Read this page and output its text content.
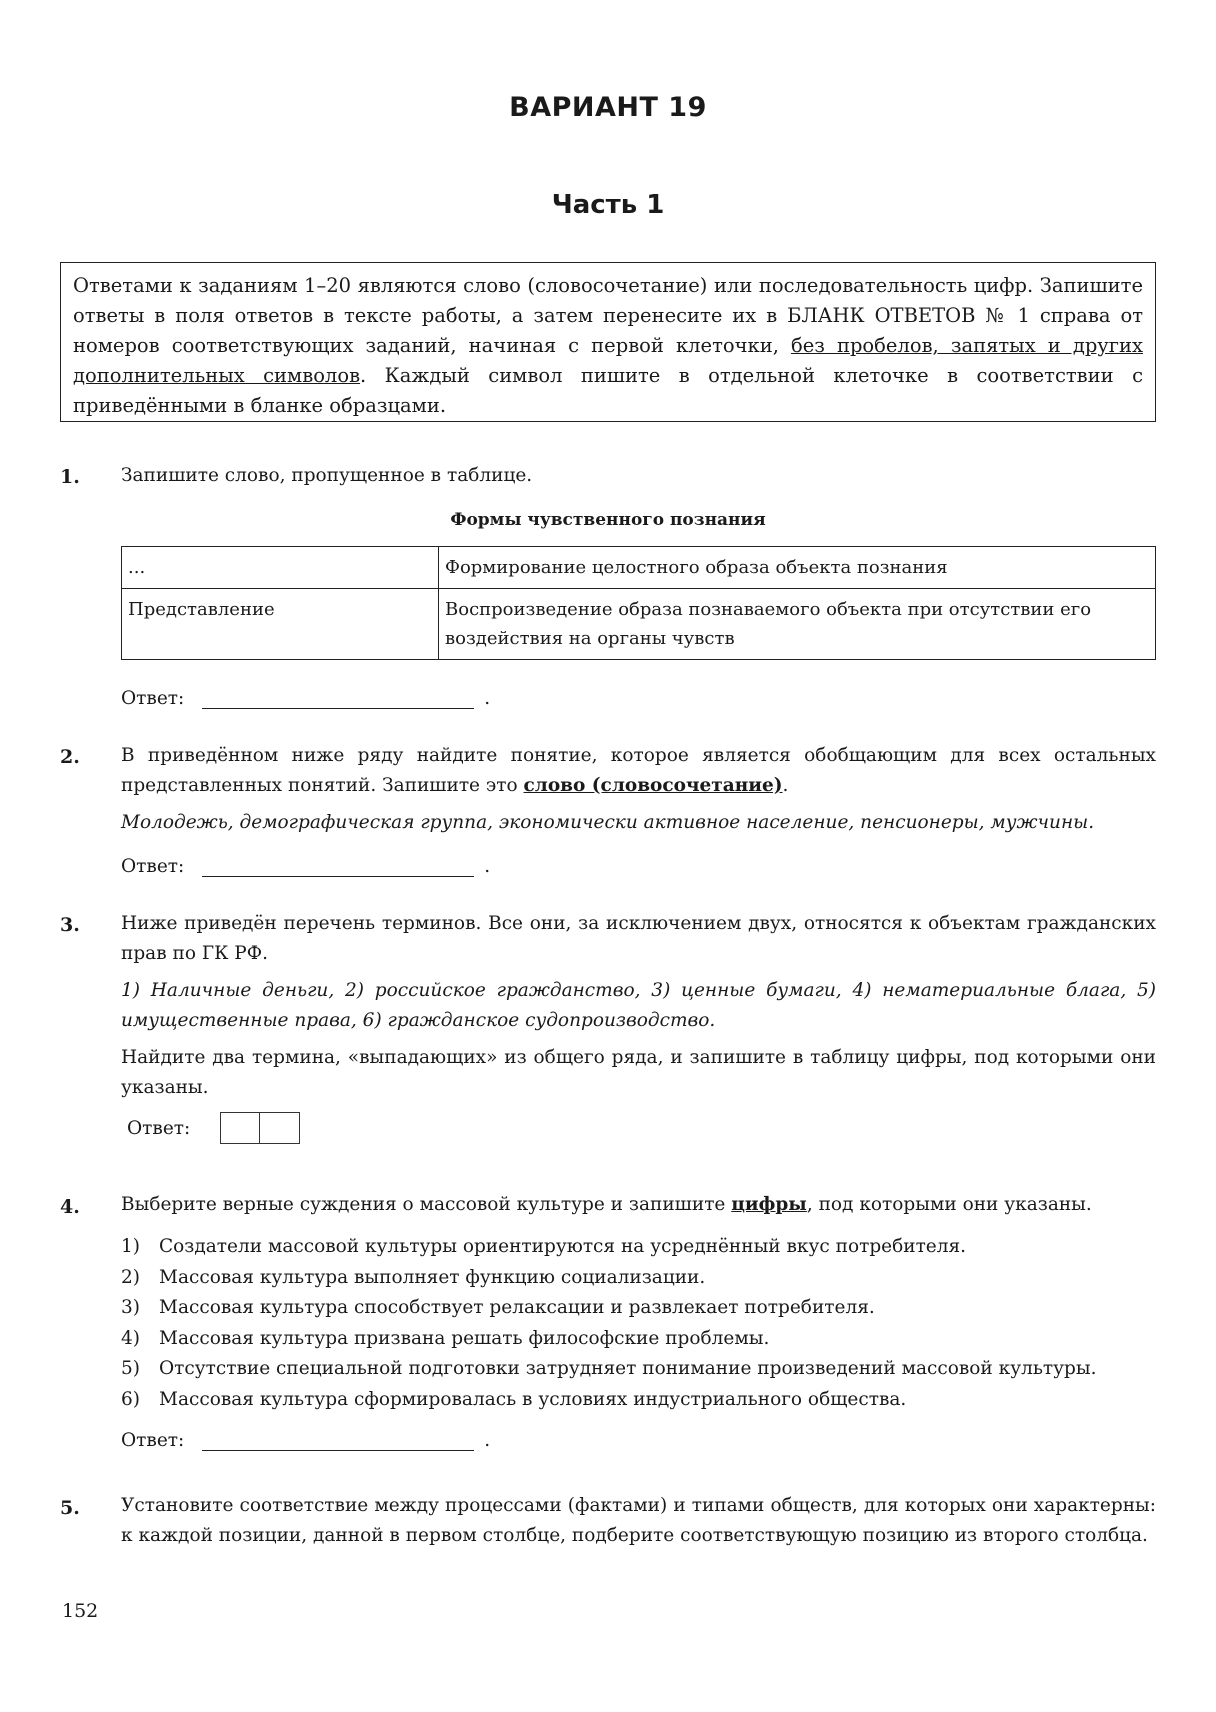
ВАРИАНТ 19
Часть 1
Ответами к заданиям 1–20 являются слово (словосочетание) или последовательность цифр. Запишите ответы в поля ответов в тексте работы, а затем перенесите их в БЛАНК ОТВЕТОВ № 1 справа от номеров соответствующих заданий, начиная с первой клеточки, без пробелов, запятых и других дополнительных символов. Каждый символ пишите в отдельной клеточке в соответствии с приведёнными в бланке образцами.
1. Запишите слово, пропущенное в таблице.
Формы чувственного познания
...	Формирование целостного образа объекта познания
Представление	Воспроизведение образа познаваемого объекта при отсутствии его воздействия на органы чувств
Ответ:	.
2. В приведённом ниже ряду найдите понятие, которое является обобщающим для всех остальных представленных понятий. Запишите это слово (словосочетание).
Молодежь, демографическая группа, экономически активное население, пенсионеры, мужчины.
Ответ:	.
3. Ниже приведён перечень терминов. Все они, за исключением двух, относятся к объектам гражданских прав по ГК РФ.
1) Наличные деньги, 2) российское гражданство, 3) ценные бумаги, 4) нематериальные блага, 5) имущественные права, 6) гражданское судопроизводство.
Найдите два термина, «выпадающих» из общего ряда, и запишите в таблицу цифры, под которыми они указаны.
Ответ:
4. Выберите верные суждения о массовой культуре и запишите цифры, под которыми они указаны.
1)	Создатели массовой культуры ориентируются на усреднённый вкус потребителя.
2)	Массовая культура выполняет функцию социализации.
3)	Массовая культура способствует релаксации и развлекает потребителя.
4)	Массовая культура призвана решать философские проблемы.
5)	Отсутствие специальной подготовки затрудняет понимание произведений массовой культуры.
6)	Массовая культура сформировалась в условиях индустриального общества.
Ответ:	.
5. Установите соответствие между процессами (фактами) и типами обществ, для которых они характерны: к каждой позиции, данной в первом столбце, подберите соответствующую позицию из второго столбца.
152
